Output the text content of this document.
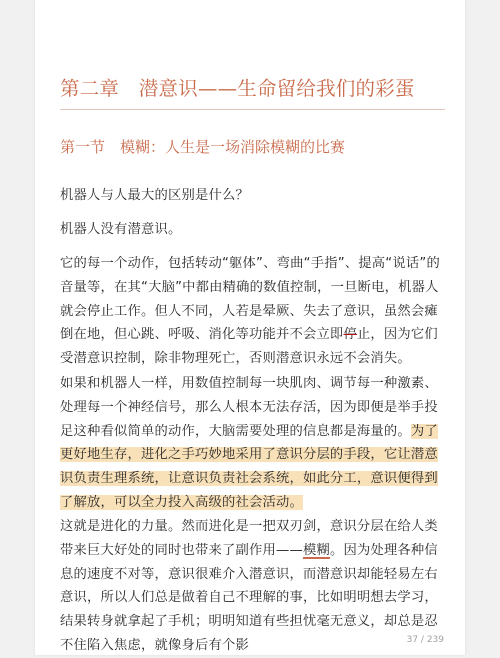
第二章　潜意识——生命留给我们的彩蛋
第一节　模糊：人生是一场消除模糊的比赛
机器人与人最大的区别是什么？
机器人没有潜意识。
它的每一个动作，包括转动“躯体”、弯曲“手指”、提高“说话”的音量等，在其“大脑”中都由精确的数值控制，一旦断电，机器人就会停止工作。但人不同，人若是晕厥、失去了意识，虽然会瘫倒在地，但心跳、呼吸、消化等功能并不会立即停止，因为它们受潜意识控制，除非物理死亡，否则潜意识永远不会消失。
如果和机器人一样，用数值控制每一块肌肉、调节每一种激素、处理每一个神经信号，那么人根本无法存活，因为即便是举手投足这种看似简单的动作，大脑需要处理的信息都是海量的。为了更好地生存，进化之手巧妙地采用了意识分层的手段，它让潜意识负责生理系统，让意识负责社会系统，如此分工，意识便得到了解放，可以全力投入高级的社会活动。
这就是进化的力量。然而进化是一把双刃剑，意识分层在给人类带来巨大好处的同时也带来了副作用——模糊。因为处理各种信息的速度不对等，意识很难介入潜意识，而潜意识却能轻易左右意识，所以人们总是做着自己不理解的事，比如明明想去学习，结果转身就拿起了手机；明明知道有些担忧毫无意义，却总是忍不住陷入焦虑，就像身后有个影	37 / 239
